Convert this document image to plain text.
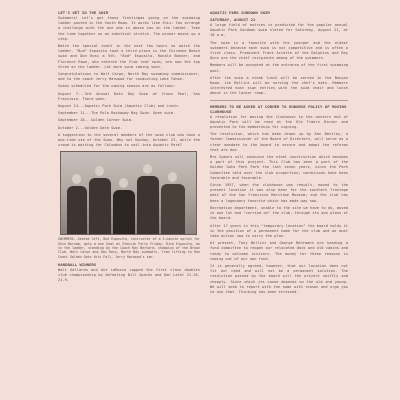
LET'S GET IN THE SWIM

Swimmers! Let's get those fishtingas going on the swimming ladder posted in the South Room. It works like this: You arrange a challenge with the one who is above you on the ladder. Take the time together as an identical stretch. The winner moves up a step.

Watch the special event in the next few hours so watch the ladder. "Bud" Esposito took a third place in the Chiranne Beach swim and Don Ross a 5th. "Bud" Esposito, Ronald Bonner, and Florence Rowe, who entered the Club leaf swim, are now the top three on the ladder. Lot more swim coming soon.

Congratulations to Walt Carpe, North Bay swimming commissioner, and to the coach Jerry Harwood for conducting Lake Tahoe.

Swims scheduled for the coming season are as follows:

August 7...3rd Annual Bats Day Swim at Crown Pool, San Francisco. Thera ween.

August 14...Aquatic Park Swim (Aquatic Club) and Lunch.

September 11...The Polo Rockaway Bay Swim. Open swim.

September 18...Golden Corner Swim.

October 2...Golden Gate Swim.

A suggestion to the several members of the swim club who have a one-time use of the Swan. Why not Sunday, October 23, while the crowd is waiting for Columbus to sail into Aquatic Park?

SWIMMERS--Seated left, Bud Esposito, instructor of a 3-minute sprint for Shin Bernam, gets a one Seat at Stenzik Forty Friday. Rick Esposito, an in the ladder, standing by the Coach Ray Bernard, champion of the Brown Club. Walt Carpe and Don Ross, North Bay swimmers, from lifting to Ken Coast Golden Gate this Fall, Jerry Harwood's son.

HANDBALL WINNERS

Walt Gallardo and Ace LaRocco copped the first class doubles club championship by defeating Bill Sparks and Dan Lafal 21-16, 21-9.

AQUATIC PARK SUNDOWN SWIM
SATURDAY, AUGUST 21

A large field of entries is predicted for the popular annual Aquatic Park Sundown swim slated for Saturday, August 21, at 10 a.m.

The swim is a favorite with the younger and the oldest swimmers because each swim is not competitive and is often a first class. Prominent Frank Ariette of the Dolphins and Ray Dunn are the chief recipients among of the swimmers.

Members will be accepted at the entrance of the first swimming pool.

After the swim a steak lunch will be served in the Banyan Room. Jim Bellini will be serving the chef's eats. Members interested must sign entries with the swim chair and lunch about in the locker room.

MEMBERS TO BE ASKED AT CORNER TO ENDORSE POLICY OF MOVING CLUBHOUSE

A resolution for moving the clubhouse to the western end of Aquatic Park will be read at the Old Timers Dinner and presented to the membership for signing.

The resolution, which has been drawn up by Ken Bentley, a former Commissioner of the Board of Directors, will serve as a clear mandate to the board to secure and adopt the reforms that are due.

Mrs Spears will announce the steel construction which becomes a part of this project. This Club has been a part of the Golden Gate Park Park the last seven years, since the Park Committee held over the club properties; conditions have been favorable and favorable.

Since 1957, when the clubhouse was rebuilt, moved to the present location it was also been for the southern frontage west of the San Francisco Maritime Museum; and the club has been a legendary favorite which has made way now.

Recreation department, unable to the site we have to do, moved to one lot and "carried on" the club, through its own plans of the board.

After 17 years in this "temporary location" the board holds it in the position of a permanent home for the club and we must take action now to carry the plan.

At present, Tony Bellini and George Behrmann are heading a fund committee to reopen our relocated dock and old cabins and ready to welcome visitors. The money for these reasons is coming out of our own fund.

It is generally agreed, however, that our location does not fit our need and will not be a permanent solution. The resolution passed by the board will the project swiftly and cheaply. Since which its cause depends on the old and young. We will seek to report with the same with reason and urge you to ask that. Thinking has been stressed.
